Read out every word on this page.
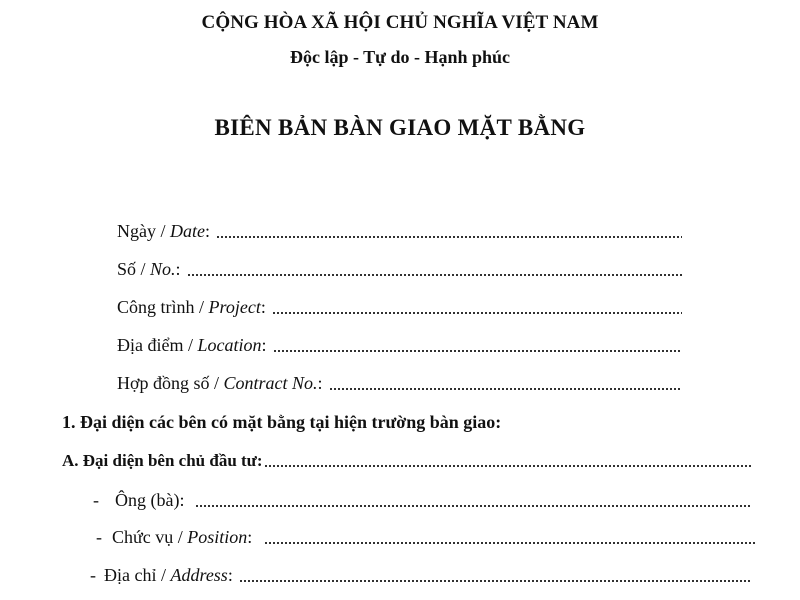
CỘNG HÒA XÃ HỘI CHỦ NGHĨA VIỆT NAM
Độc lập - Tự do - Hạnh phúc
BIÊN BẢN BÀN GIAO MẶT BẰNG
Ngày / Date:
Số / No.:
Công trình / Project:
Địa điểm / Location:
Hợp đồng số / Contract No.:
1. Đại diện các bên có mặt bằng tại hiện trường bàn giao:
A. Đại diện bên chủ đầu tư:
- Ông (bà):
- Chức vụ / Position:
- Địa chỉ / Address:
